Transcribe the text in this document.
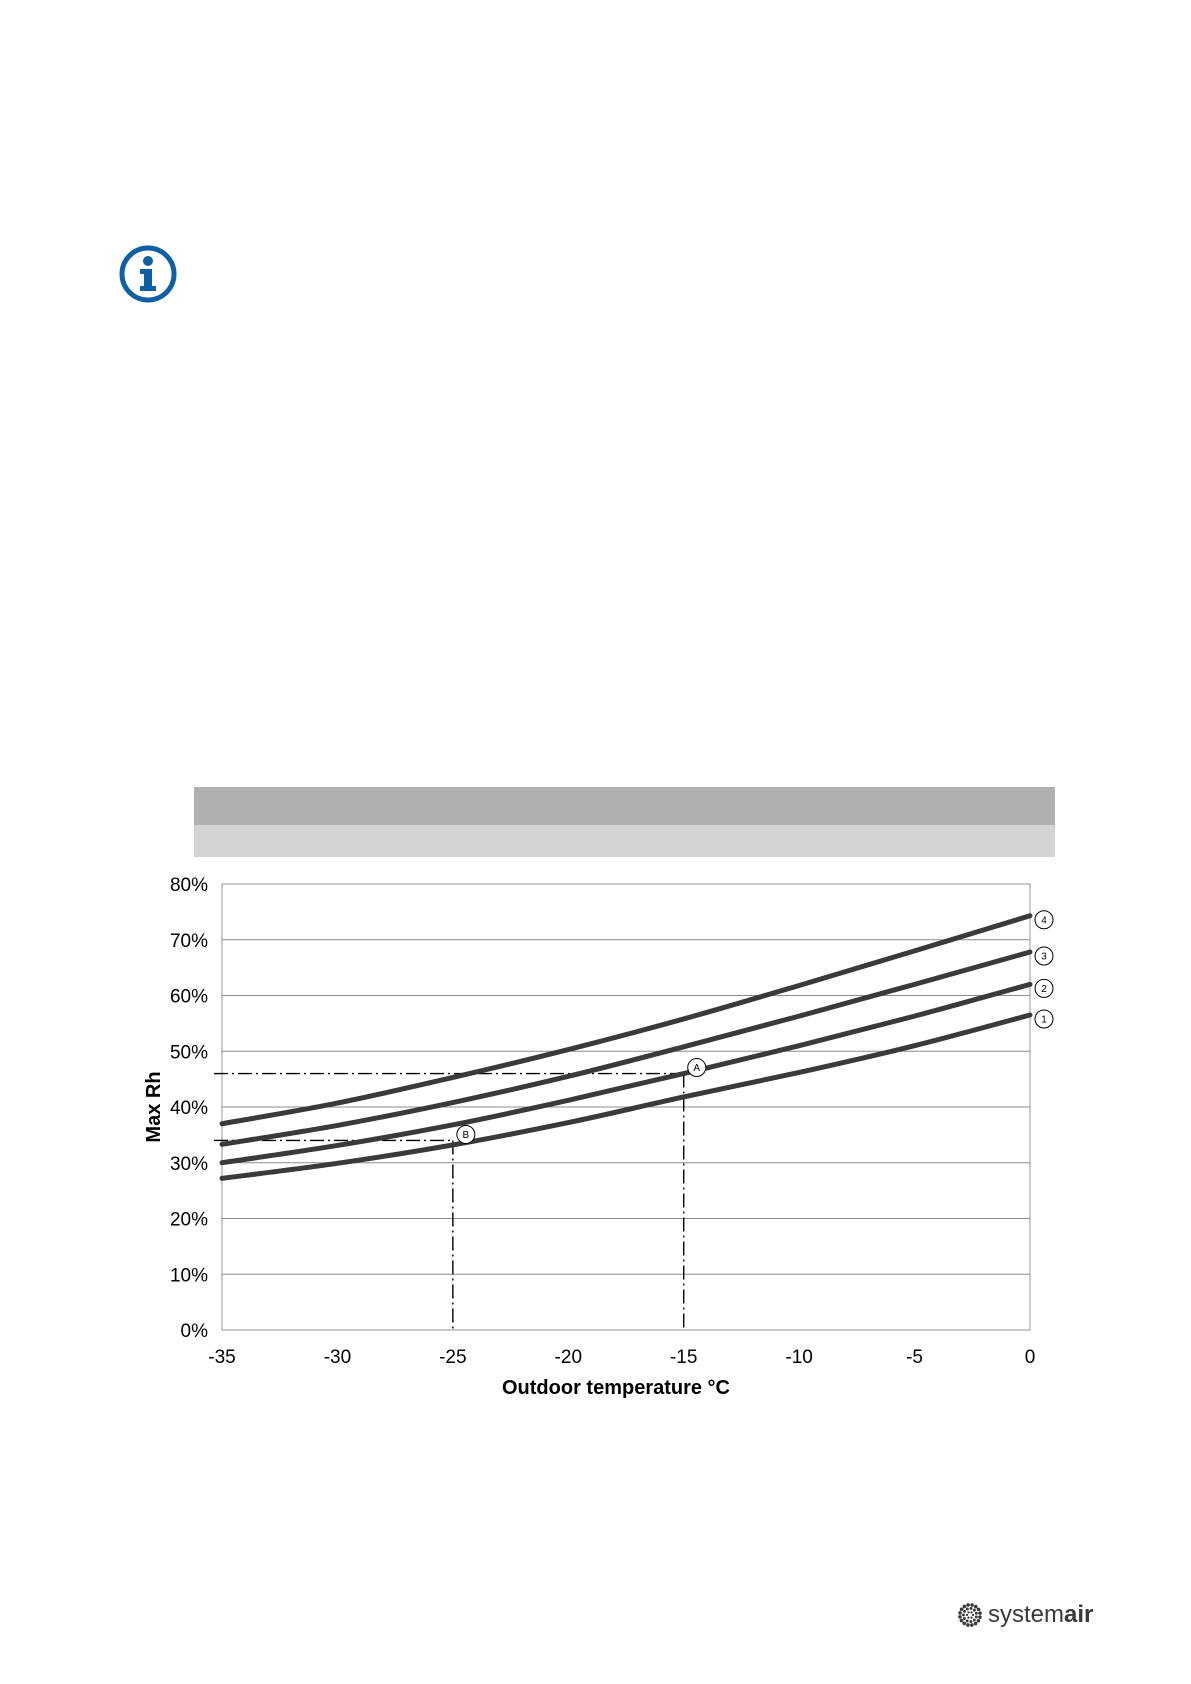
1
2
3
4
A
B
0%
10%
20%
30%
40%
50%
60%
70%
80%
-35	-30	-25	-20	-15	-10	-5	0
Max Rh
Outdoor temperature °C
systemair
